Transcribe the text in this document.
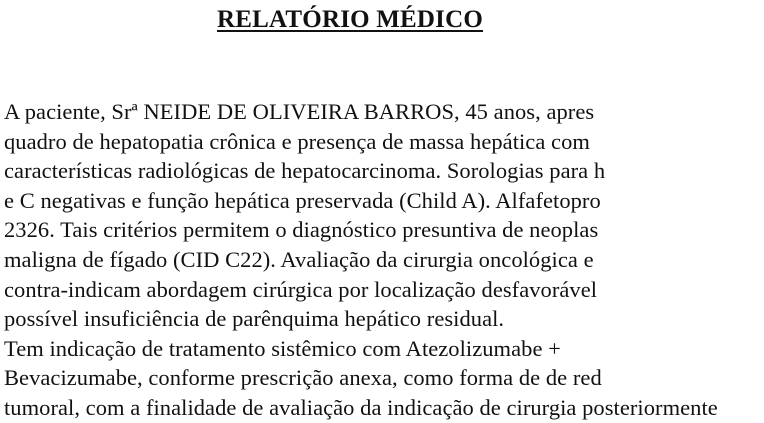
RELATÓRIO MÉDICO
A paciente, Srª NEIDE DE OLIVEIRA BARROS, 45 anos, apres
quadro de hepatopatia crônica e presença de massa hepática com
características radiológicas de hepatocarcinoma. Sorologias para h
e C negativas e função hepática preservada (Child A). Alfafetopro
2326. Tais critérios permitem o diagnóstico presuntiva de neoplas
maligna de fígado (CID C22). Avaliação da cirurgia oncológica e
contra-indicam abordagem cirúrgica por localização desfavorável
possível insuficiência de parênquima hepático residual.
Tem indicação de tratamento sistêmico com Atezolizumabe +
Bevacizumabe, conforme prescrição anexa, como forma de de red
tumoral, com a finalidade de avaliação da indicação de cirurgia posteriormente
